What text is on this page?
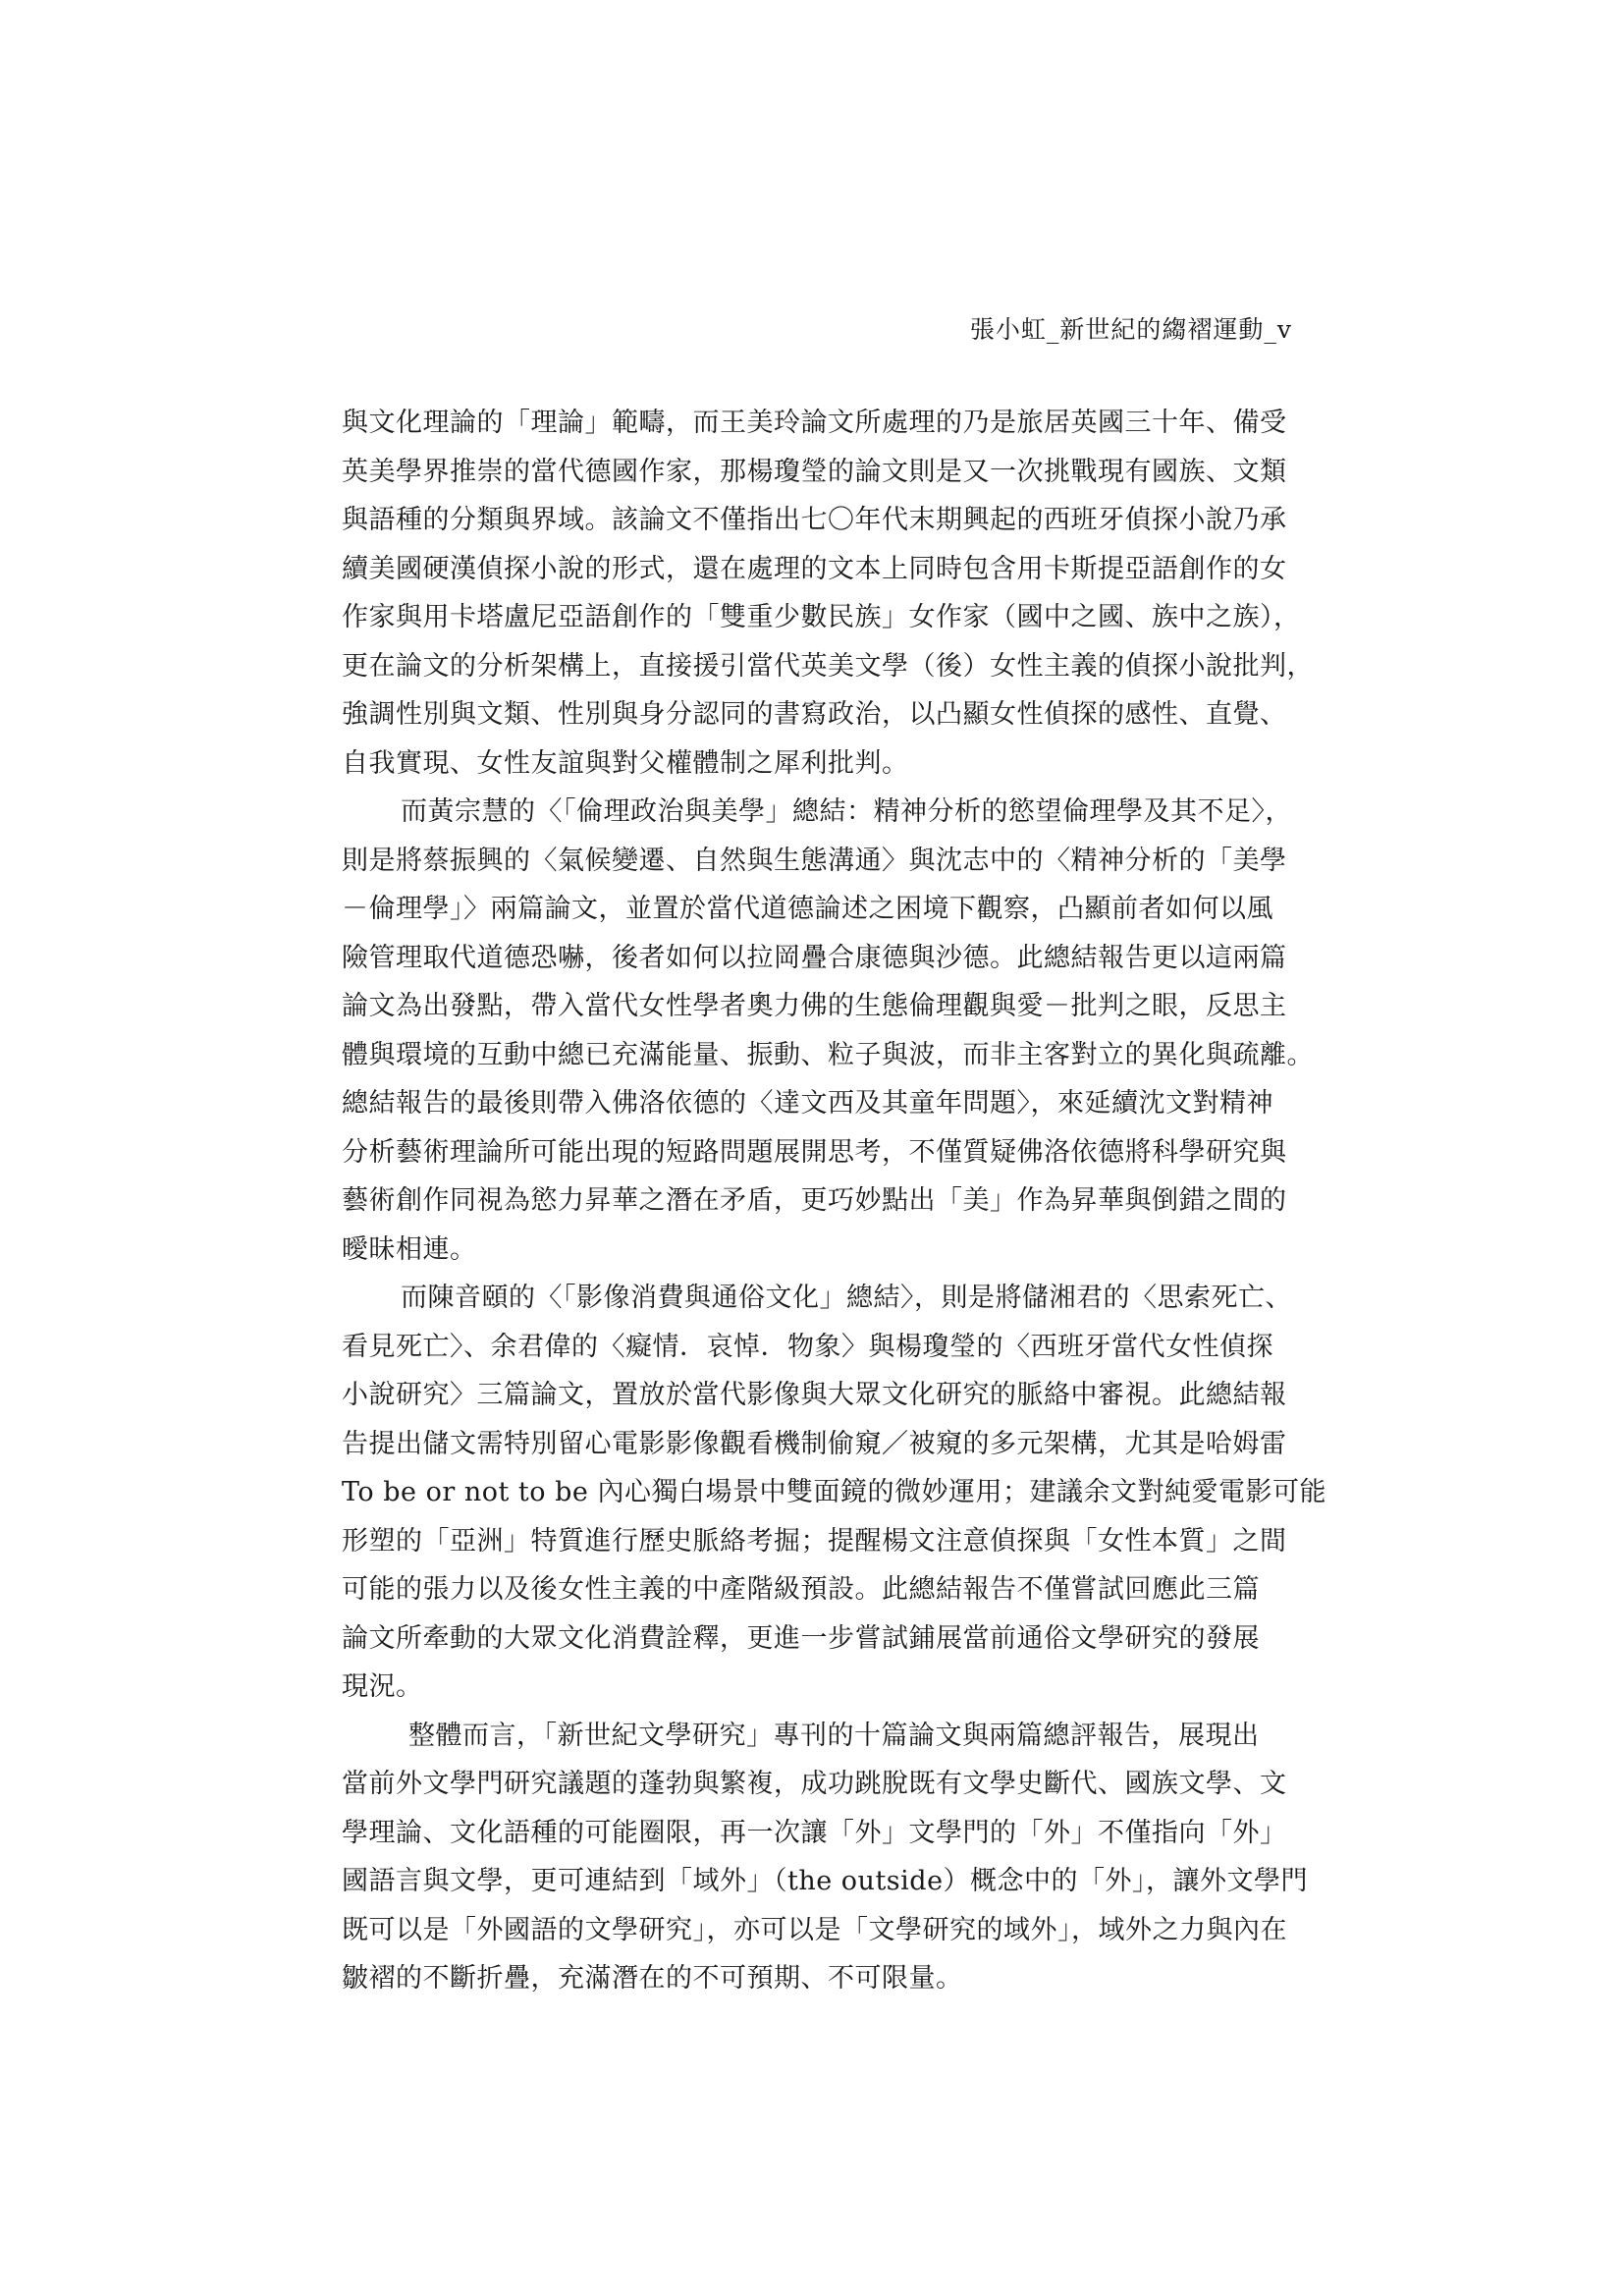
張小虹_新世紀的縐褶運動_v

與文化理論的「理論」範疇，而王美玲論文所處理的乃是旅居英國三十年、備受
英美學界推崇的當代德國作家，那楊瓊瑩的論文則是又一次挑戰現有國族、文類
與語種的分類與界域。該論文不僅指出七〇年代末期興起的西班牙偵探小說乃承
續美國硬漢偵探小說的形式，還在處理的文本上同時包含用卡斯提亞語創作的女
作家與用卡塔盧尼亞語創作的「雙重少數民族」女作家（國中之國、族中之族），
更在論文的分析架構上，直接援引當代英美文學（後）女性主義的偵探小說批判，
強調性別與文類、性別與身分認同的書寫政治，以凸顯女性偵探的感性、直覺、
自我實現、女性友誼與對父權體制之犀利批判。

而黃宗慧的〈「倫理政治與美學」總結：精神分析的慾望倫理學及其不足〉，
則是將蔡振興的〈氣候變遷、自然與生態溝通〉與沈志中的〈精神分析的「美學
－倫理學」〉兩篇論文，並置於當代道德論述之困境下觀察，凸顯前者如何以風
險管理取代道德恐嚇，後者如何以拉岡疊合康德與沙德。此總結報告更以這兩篇
論文為出發點，帶入當代女性學者奧力佛的生態倫理觀與愛－批判之眼，反思主
體與環境的互動中總已充滿能量、振動、粒子與波，而非主客對立的異化與疏離。
總結報告的最後則帶入佛洛依德的〈達文西及其童年問題〉，來延續沈文對精神
分析藝術理論所可能出現的短路問題展開思考，不僅質疑佛洛依德將科學研究與
藝術創作同視為慾力昇華之潛在矛盾，更巧妙點出「美」作為昇華與倒錯之間的
曖昧相連。

而陳音頤的〈「影像消費與通俗文化」總結〉，則是將儲湘君的〈思索死亡、
看見死亡〉、余君偉的〈癡情．哀悼．物象〉與楊瓊瑩的〈西班牙當代女性偵探
小說研究〉三篇論文，置放於當代影像與大眾文化研究的脈絡中審視。此總結報
告提出儲文需特別留心電影影像觀看機制偷窺／被窺的多元架構，尤其是哈姆雷
To be or not to be 內心獨白場景中雙面鏡的微妙運用；建議余文對純愛電影可能
形塑的「亞洲」特質進行歷史脈絡考掘；提醒楊文注意偵探與「女性本質」之間
可能的張力以及後女性主義的中產階級預設。此總結報告不僅嘗試回應此三篇
論文所牽動的大眾文化消費詮釋，更進一步嘗試鋪展當前通俗文學研究的發展
現況。

整體而言，「新世紀文學研究」專刊的十篇論文與兩篇總評報告，展現出
當前外文學門研究議題的蓬勃與繁複，成功跳脫既有文學史斷代、國族文學、文
學理論、文化語種的可能圈限，再一次讓「外」文學門的「外」不僅指向「外」
國語言與文學，更可連結到「域外」（the outside）概念中的「外」，讓外文學門
既可以是「外國語的文學研究」，亦可以是「文學研究的域外」，域外之力與內在
皺褶的不斷折疊，充滿潛在的不可預期、不可限量。
